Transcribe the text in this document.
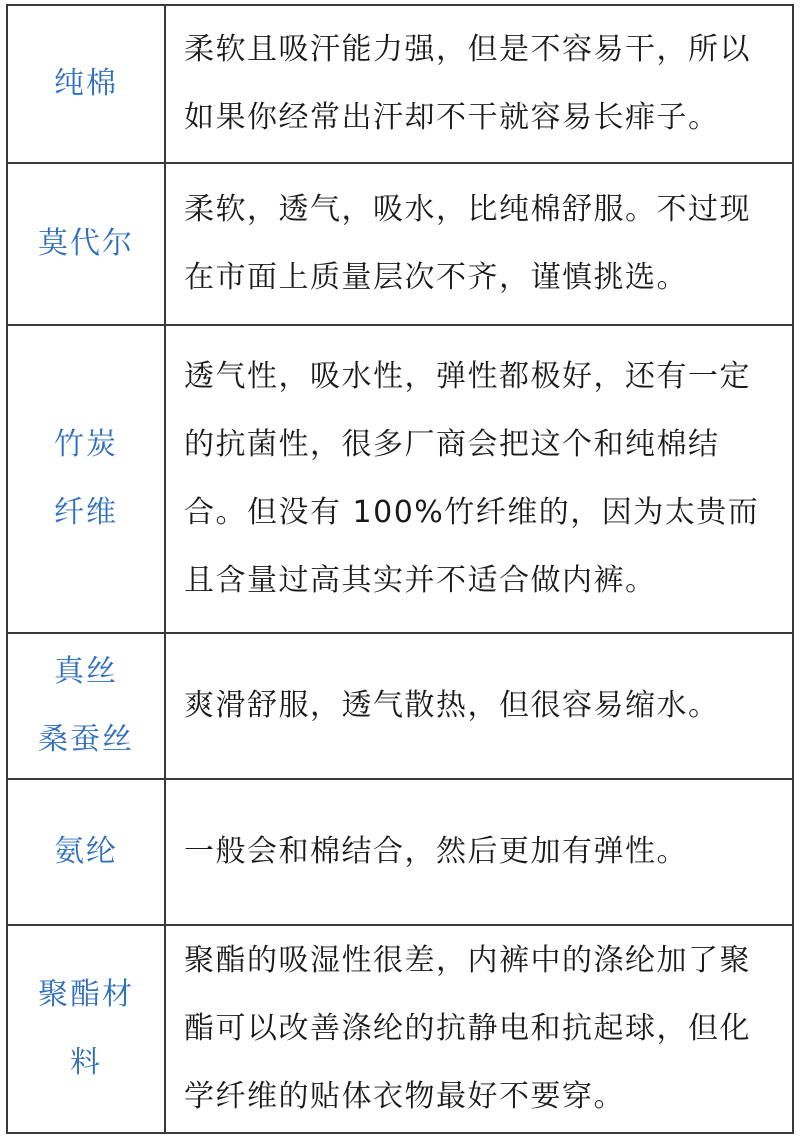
纯棉	柔软且吸汗能力强，但是不容易干，所以如果你经常出汗却不干就容易长痱子。

莫代尔	柔软，透气，吸水，比纯棉舒服。不过现在市面上质量层次不齐，谨慎挑选。

竹炭
纤维	透气性，吸水性，弹性都极好，还有一定的抗菌性，很多厂商会把这个和纯棉结合。但没有 100%竹纤维的，因为太贵而且含量过高其实并不适合做内裤。

真丝
桑蚕丝	爽滑舒服，透气散热，但很容易缩水。

氨纶	一般会和棉结合，然后更加有弹性。

聚酯材
料	聚酯的吸湿性很差，内裤中的涤纶加了聚酯可以改善涤纶的抗静电和抗起球，但化学纤维的贴体衣物最好不要穿。
